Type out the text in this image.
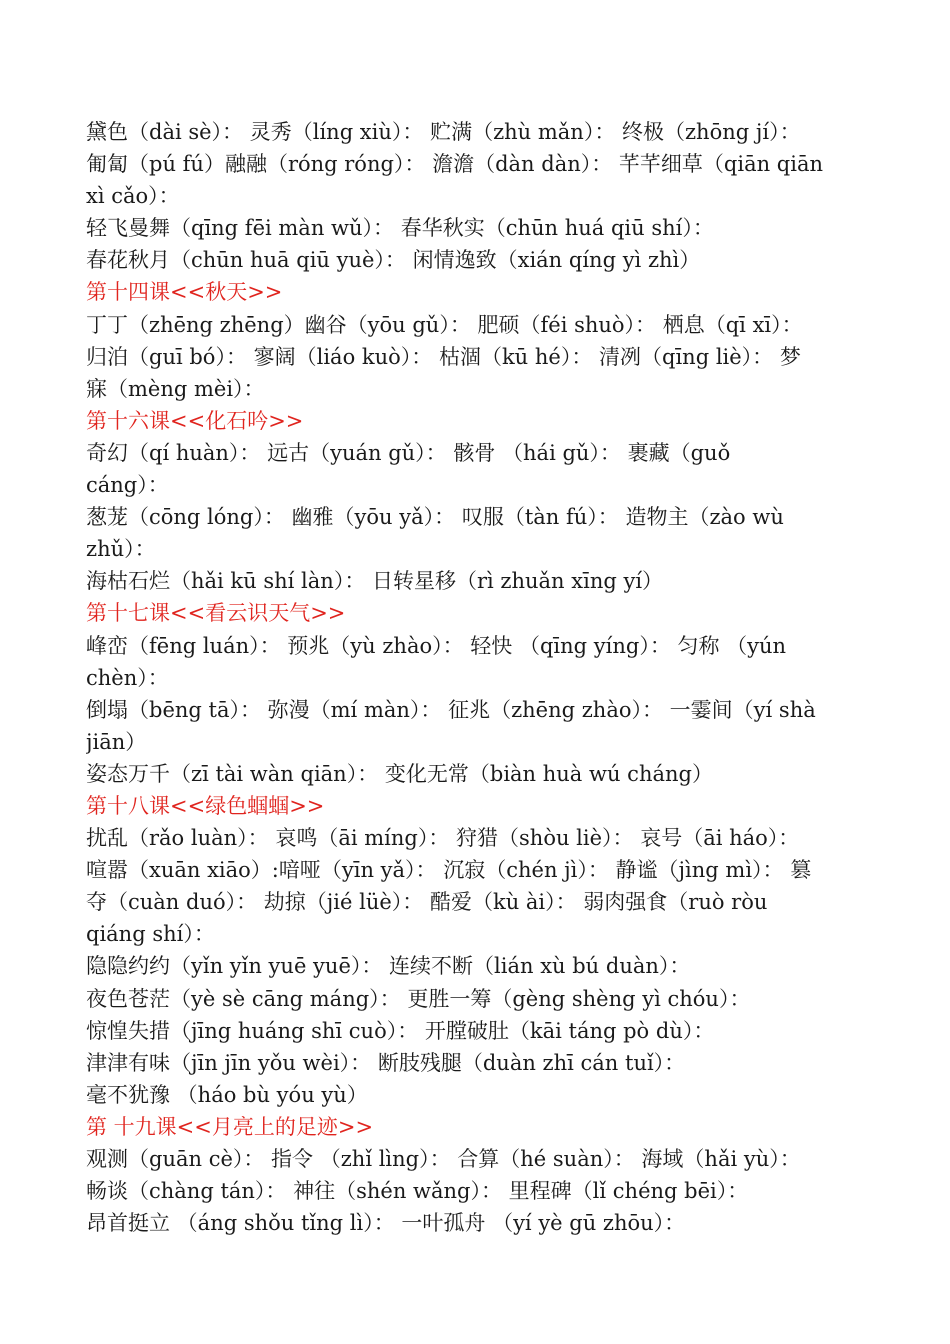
黛色（dài sè）： 灵秀（líng xiù）： 贮满（zhù mǎn）： 终极（zhōng jí）：
匍匐（pú fú）融融（róng róng）： 澹澹（dàn dàn）： 芊芊细草（qiān qiān
xì cǎo）：
轻飞曼舞（qīng fēi màn wǔ）： 春华秋实（chūn huá qiū shí）：
春花秋月（chūn huā qiū yuè）： 闲情逸致（xián qíng yì zhì）
第十四课<<秋天>>
丁丁（zhēng zhēng）幽谷（yōu gǔ）： 肥硕（féi shuò）： 栖息（qī xī）：
归泊（guī bó）： 寥阔（liáo kuò）： 枯涸（kū hé）： 清冽（qīng liè）： 梦
寐（mèng mèi）：
第十六课<<化石吟>>
奇幻（qí huàn）： 远古（yuán gǔ）： 骸骨 （hái gǔ）： 裹藏（guǒ
cáng）：
葱茏（cōng lóng）： 幽雅（yōu yǎ）： 叹服（tàn fú）： 造物主（zào wù
zhǔ）：
海枯石烂（hǎi kū shí làn）： 日转星移（rì zhuǎn xīng yí）
第十七课<<看云识天气>>
峰峦（fēng luán）： 预兆（yù zhào）： 轻快 （qīng yíng）： 匀称 （yún
chèn）：
倒塌（bēng tā）： 弥漫（mí màn）： 征兆（zhēng zhào）： 一霎间（yí shà
jiān）
姿态万千（zī tài wàn qiān）： 变化无常（biàn huà wú cháng）
第十八课<<绿色蝈蝈>>
扰乱（rǎo luàn）： 哀鸣（āi míng）： 狩猎（shòu liè）： 哀号（āi háo）：
喧嚣（xuān xiāo）:喑哑（yīn yǎ）： 沉寂（chén jì）： 静谧（jìng mì）： 篡
夺（cuàn duó）： 劫掠（jié lüè）： 酷爱（kù ài）： 弱肉强食（ruò ròu
qiáng shí）：
隐隐约约（yǐn yǐn yuē yuē）： 连续不断（lián xù bú duàn）：
夜色苍茫（yè sè cāng máng）： 更胜一筹（gèng shèng yì chóu）：
惊惶失措（jīng huáng shī cuò）： 开膛破肚（kāi táng pò dù）：
津津有味（jīn jīn yǒu wèi）： 断肢残腿（duàn zhī cán tuǐ）：
毫不犹豫 （háo bù yóu yù）
第 十九课<<月亮上的足迹>>
观测（guān cè）： 指令 （zhǐ lìng）： 合算（hé suàn）： 海域（hǎi yù）：
畅谈（chàng tán）： 神往（shén wǎng）： 里程碑（lǐ chéng bēi）：
昂首挺立 （áng shǒu tǐng lì）： 一叶孤舟 （yí yè gū zhōu）：
